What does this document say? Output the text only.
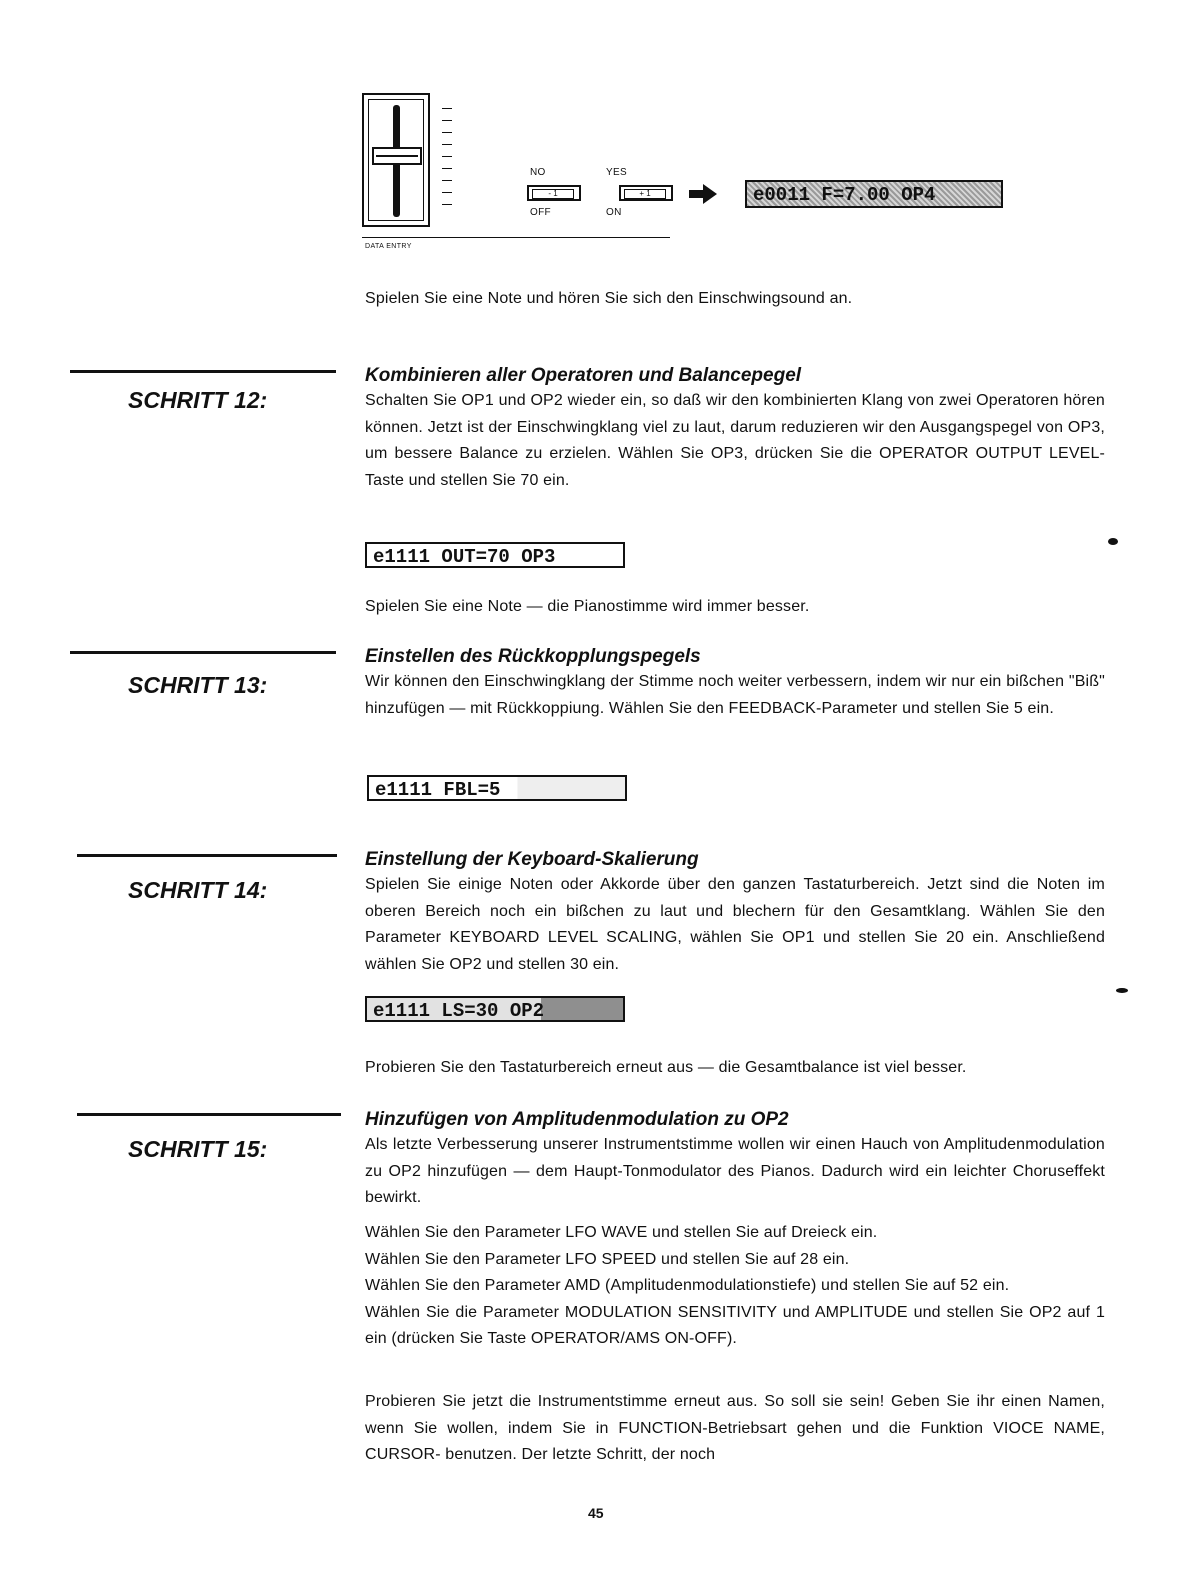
NO
- 1
OFF
YES
+ 1
ON
e0011 F=7.00 OP4
DATA ENTRY

Spielen Sie eine Note und hören Sie sich den Einschwingsound an.

SCHRITT 12:
Kombinieren aller Operatoren und Balancepegel

Schalten Sie OP1 und OP2 wieder ein, so daß wir den kombinierten Klang von zwei Operatoren hören können. Jetzt ist der Einschwingklang viel zu laut, darum reduzieren wir den Ausgangspegel von OP3, um bessere Balance zu erzielen. Wählen Sie OP3, drücken Sie die OPERATOR OUTPUT LEVEL-Taste und stellen Sie 70 ein.

e1111 OUT=70 OP3

Spielen Sie eine Note — die Pianostimme wird immer besser.

SCHRITT 13:
Einstellen des Rückkopplungspegels

Wir können den Einschwingklang der Stimme noch weiter verbessern, indem wir nur ein bißchen "Biß" hinzufügen — mit Rückkoppiung. Wählen Sie den FEEDBACK-Parameter und stellen Sie 5 ein.

e1111 FBL=5
SCHRITT 14:
Einstellung der Keyboard-Skalierung

Spielen Sie einige Noten oder Akkorde über den ganzen Tastaturbereich. Jetzt sind die Noten im oberen Bereich noch ein bißchen zu laut und blechern für den Gesamtklang. Wählen Sie den Parameter KEYBOARD LEVEL SCALING, wählen Sie OP1 und stellen Sie 20 ein. Anschließend wählen Sie OP2 und stellen 30 ein.

e1111 LS=30 OP2

Probieren Sie den Tastaturbereich erneut aus — die Gesamtbalance ist viel besser.

SCHRITT 15:
Hinzufügen von Amplitudenmodulation zu OP2

Als letzte Verbesserung unserer Instrumentstimme wollen wir einen Hauch von Amplitudenmodulation zu OP2 hinzufügen — dem Haupt-Tonmodulator des Pianos. Dadurch wird ein leichter Choruseffekt bewirkt.

Wählen Sie den Parameter LFO WAVE und stellen Sie auf Dreieck ein.

Wählen Sie den Parameter LFO SPEED und stellen Sie auf 28 ein.

Wählen Sie den Parameter AMD (Amplitudenmodulationstiefe) und stellen Sie auf 52 ein.

Wählen Sie die Parameter MODULATION SENSITIVITY und AMPLITUDE und stellen Sie OP2 auf 1 ein (drücken Sie Taste OPERATOR/AMS ON-OFF).

Probieren Sie jetzt die Instrumentstimme erneut aus. So soll sie sein! Geben Sie ihr einen Namen, wenn Sie wollen, indem Sie in FUNCTION-Betriebsart gehen und die Funktion VIOCE NAME, CURSOR- benutzen. Der letzte Schritt, der noch

45
